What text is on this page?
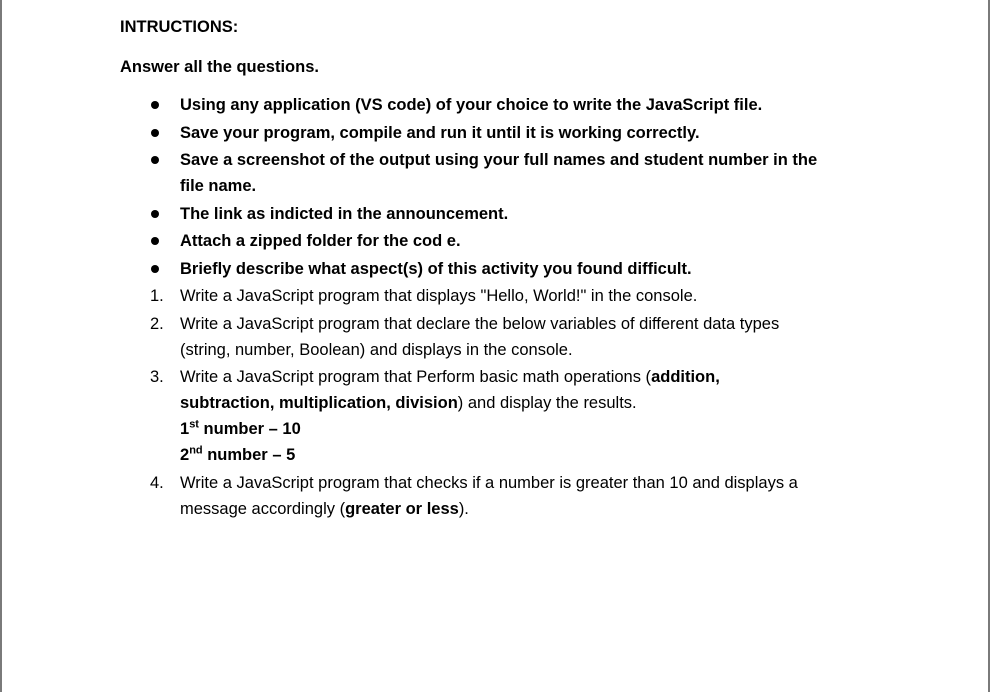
INTRUCTIONS:

Answer all the questions.

Using any application (VS code) of your choice to write the JavaScript file.
Save your program, compile and run it until it is working correctly.
Save a screenshot of the output using your full names and student number in the
file name.
The link as indicted in the announcement.
Attach a zipped folder for the cod e.
Briefly describe what aspect(s) of this activity you found difficult.
1. Write a JavaScript program that displays "Hello, World!" in the console.
2. Write a JavaScript program that declare the below variables of different data types
(string, number, Boolean) and displays in the console.
3. Write a JavaScript program that Perform basic math operations (addition,
subtraction, multiplication, division) and display the results.
1st number – 10
2nd number – 5
4. Write a JavaScript program that checks if a number is greater than 10 and displays a
message accordingly (greater or less).
